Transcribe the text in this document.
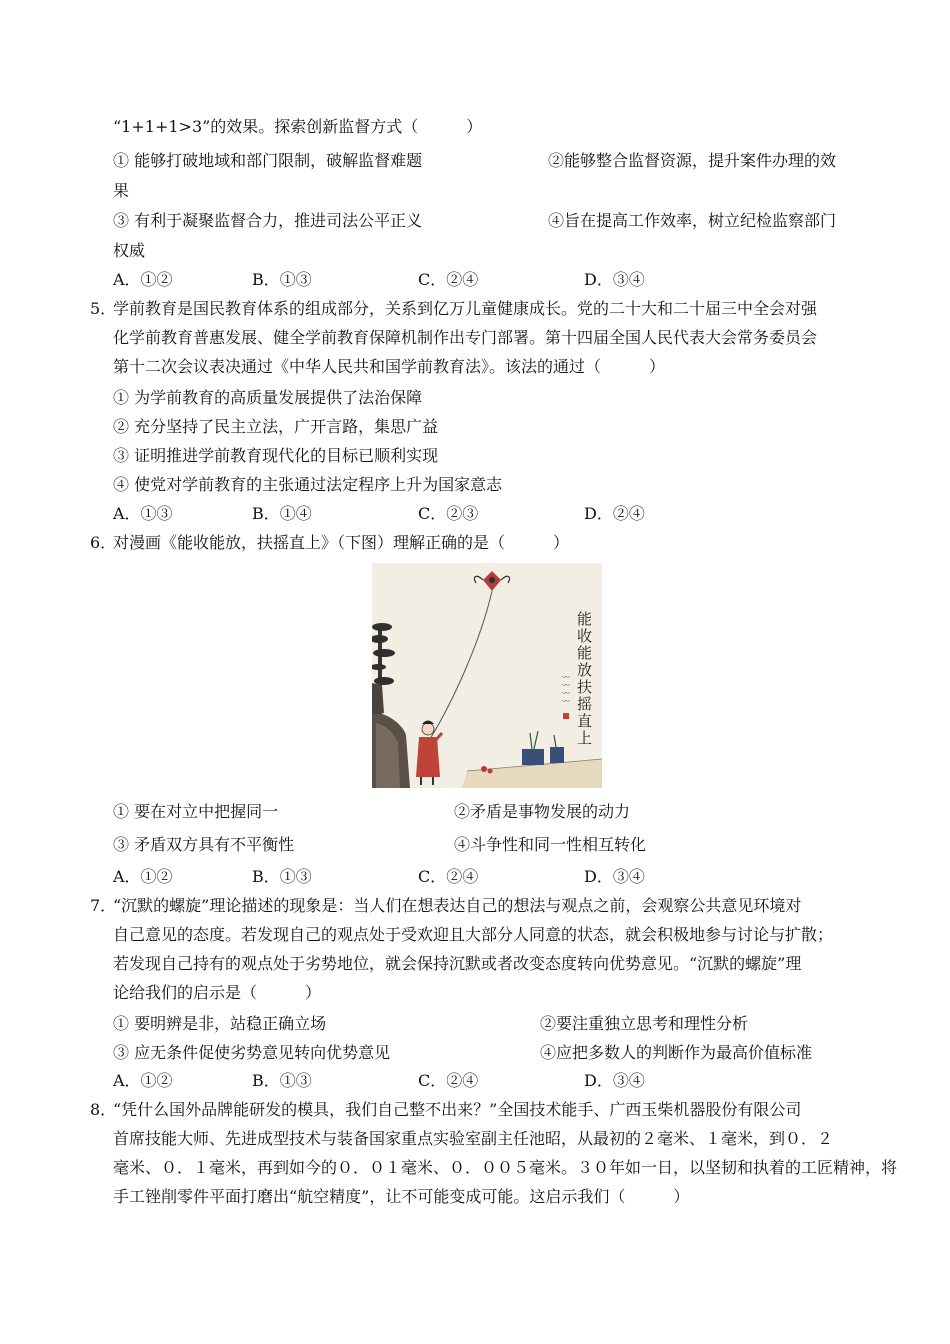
“1+1+1>3”的效果。探索创新监督方式（　　　）
① 能够打破地域和部门限制，破解监督难题	②能够整合监督资源，提升案件办理的效
果
③ 有利于凝聚监督合力，推进司法公平正义	④旨在提高工作效率，树立纪检监察部门
权威
A．①②	B．①③	C．②④	D．③④
5．
学前教育是国民教育体系的组成部分，关系到亿万儿童健康成长。党的二十大和二十届三中全会对强
化学前教育普惠发展、健全学前教育保障机制作出专门部署。第十四届全国人民代表大会常务委员会
第十二次会议表决通过《中华人民共和国学前教育法》。该法的通过（　　　）
① 为学前教育的高质量发展提供了法治保障
② 充分坚持了民主立法，广开言路，集思广益
③ 证明推进学前教育现代化的目标已顺利实现
④ 使党对学前教育的主张通过法定程序上升为国家意志
A．①③	B．①④	C．②③	D．②④
6．
对漫画《能收能放，扶摇直上》（下图）理解正确的是（　　　）
能收能放扶摇直上
〰〰〰〰
① 要在对立中把握同一	②矛盾是事物发展的动力
③ 矛盾双方具有不平衡性	④斗争性和同一性相互转化
A．①②	B．①③	C．②④	D．③④
7．
“沉默的螺旋”理论描述的现象是：当人们在想表达自己的想法与观点之前，会观察公共意见环境对
自己意见的态度。若发现自己的观点处于受欢迎且大部分人同意的状态，就会积极地参与讨论与扩散；
若发现自己持有的观点处于劣势地位，就会保持沉默或者改变态度转向优势意见。“沉默的螺旋”理
论给我们的启示是（　　　）
① 要明辨是非，站稳正确立场	②要注重独立思考和理性分析
③ 应无条件促使劣势意见转向优势意见	④应把多数人的判断作为最高价值标准
A．①②	B．①③	C．②④	D．③④
8．
“凭什么国外品牌能研发的模具，我们自己整不出来？”全国技术能手、广西玉柴机器股份有限公司
首席技能大师、先进成型技术与装备国家重点实验室副主任池昭，从最初的２毫米、１毫米，到０．２
毫米、０．１毫米，再到如今的０．０１毫米、０．００５毫米。３０年如一日，以坚韧和执着的工匠精神，将
手工锉削零件平面打磨出“航空精度”，让不可能变成可能。这启示我们（　　　）
